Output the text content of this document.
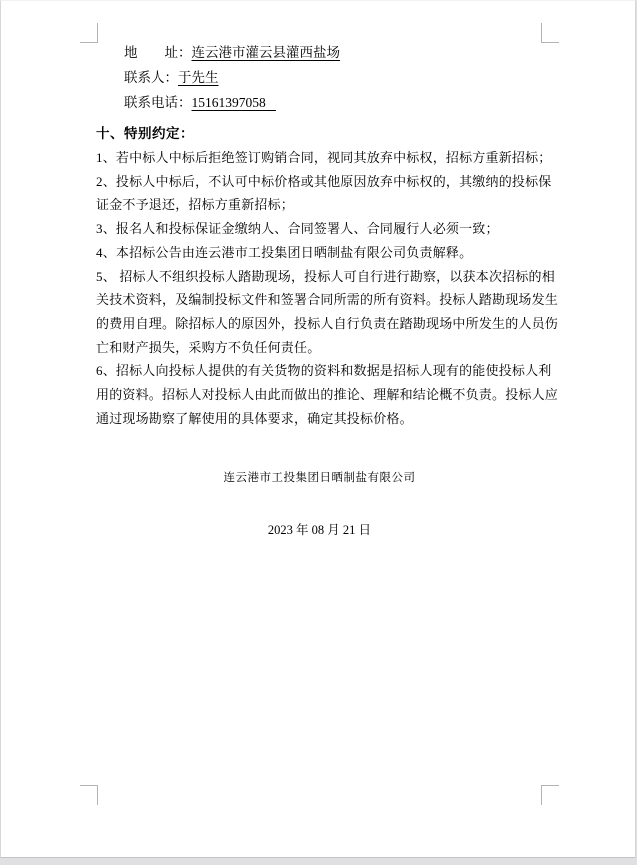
地　　址：连云港市灌云县灌西盐场
联系人：于先生
联系电话：15161397058
十、特别约定：
1、若中标人中标后拒绝签订购销合同，视同其放弃中标权，招标方重新招标；
2、投标人中标后，不认可中标价格或其他原因放弃中标权的，其缴纳的投标保
证金不予退还，招标方重新招标；
3、报名人和投标保证金缴纳人、合同签署人、合同履行人必须一致；
4、本招标公告由连云港市工投集团日晒制盐有限公司负责解释。
5、 招标人不组织投标人踏勘现场，投标人可自行进行勘察，以获本次招标的相
关技术资料，及编制投标文件和签署合同所需的所有资料。投标人踏勘现场发生
的费用自理。除招标人的原因外，投标人自行负责在踏勘现场中所发生的人员伤
亡和财产损失，采购方不负任何责任。
6、招标人向投标人提供的有关货物的资料和数据是招标人现有的能使投标人利
用的资料。招标人对投标人由此而做出的推论、理解和结论概不负责。投标人应
通过现场勘察了解使用的具体要求，确定其投标价格。
连云港市工投集团日晒制盐有限公司
2023 年 08 月 21 日
